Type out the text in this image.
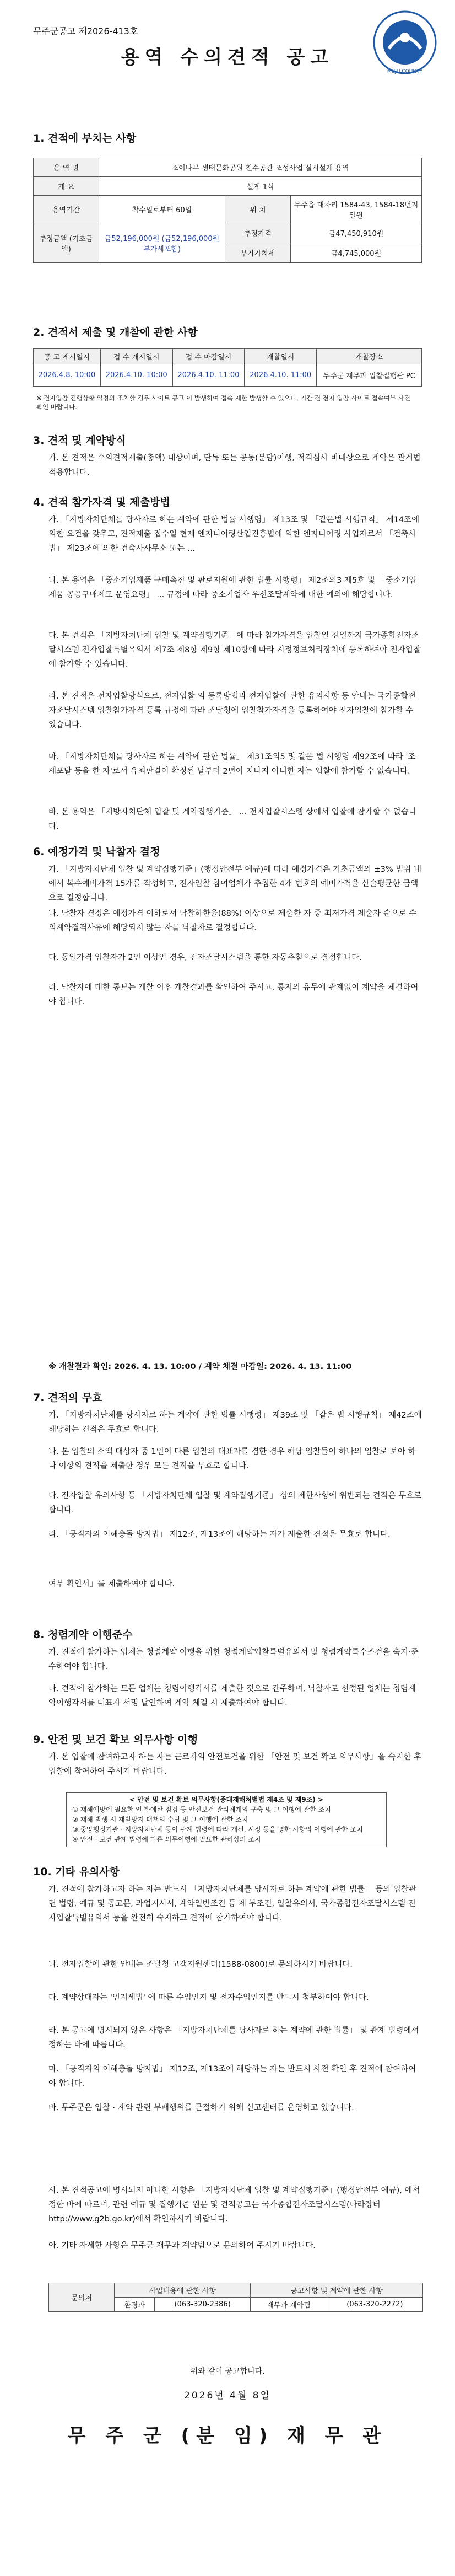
무주군공고 제2026-413호
MUJU COUNTY
용역 수의견적 공고
1. 견적에 부치는 사항
용 역 명	소이나무 생태문화공원 친수공간 조성사업 실시설계 용역		
개 요	설계 1식		
용역기간	착수일로부터 60일	위 치	무주읍 대차리 1584-43, 1584-18번지 일원
추정금액 (기초금액)	금52,196,000원 (금52,196,000원 부가세포함)	추정가격	금47,450,910원
		부가가치세	금4,745,000원
2. 견적서 제출 및 개찰에 관한 사항
공 고 게시일시	접 수 개시일시	접 수 마감일시	개찰일시	개찰장소
2026.4.8. 10:00	2026.4.10. 10:00	2026.4.10. 11:00	2026.4.10. 11:00	무주군 재무과 입찰집행관 PC
※ 전자입찰 진행상황 일정의 조치할 경우 사이트 공고 이 발생하여 접속 제한 발생할 수 있으니, 기간 전 전자 입찰 사이트 접속여부 사전 확인 바랍니다.
3. 견적 및 계약방식
가. 본 견적은 수의견적제출(총액) 대상이며, 단독 또는 공동(분담)이행, 적격심사 비대상으로 계약은 관계법 적용합니다.
4. 견적 참가자격 및 제출방법
가. 「지방자치단체를 당사자로 하는 계약에 관한 법률 시행령」 제13조 및 「같은법 시행규칙」 제14조에 의한 요건을 갖추고, 견적제출 접수일 현재 엔지니어링산업진흥법에 의한 엔지니어링 사업자로서 「건축사법」 제23조에 의한 건축사사무소 또는 ...
나. 본 용역은 「중소기업제품 구매촉진 및 판로지원에 관한 법률 시행령」 제2조의3 제5호 및 「중소기업제품 공공구매제도 운영요령」 ... 규정에 따라 중소기업자 우선조달계약에 대한 예외에 해당합니다.
다. 본 견적은 「지방자치단체 입찰 및 계약집행기준」에 따라 참가자격을 입찰일 전일까지 국가종합전자조달시스템 전자입찰특별유의서 제7조 제8항 제9항 제10항에 따라 지정정보처리장치에 등록하여야 전자입찰에 참가할 수 있습니다.
라. 본 견적은 전자입찰방식으로, 전자입찰 의 등록방법과 전자입찰에 관한 유의사항 등 안내는 국가종합전자조달시스템 입찰참가자격 등록 규정에 따라 조달청에 입찰참가자격을 등록하여야 전자입찰에 참가할 수 있습니다.
마. 「지방자치단체를 당사자로 하는 계약에 관한 법률」 제31조의5 및 같은 법 시행령 제92조에 따라 '조세포탈 등을 한 자'로서 유죄판결이 확정된 날부터 2년이 지나지 아니한 자는 입찰에 참가할 수 없습니다.
바. 본 용역은 「지방자치단체 입찰 및 계약집행기준」 ... 전자입찰시스템 상에서 입찰에 참가할 수 없습니다.
6. 예정가격 및 낙찰자 결정
가. 「지방자치단체 입찰 및 계약집행기준」(행정안전부 예규)에 따라 예정가격은 기초금액의 ±3% 범위 내에서 복수예비가격 15개를 작성하고, 전자입찰 참여업체가 추첨한 4개 번호의 예비가격을 산술평균한 금액으로 결정합니다.
나. 낙찰자 결정은 예정가격 이하로서 낙찰하한율(88%) 이상으로 제출한 자 중 최저가격 제출자 순으로 수의계약결격사유에 해당되지 않는 자를 낙찰자로 결정합니다.
다. 동일가격 입찰자가 2인 이상인 경우, 전자조달시스템을 통한 자동추첨으로 결정합니다.
라. 낙찰자에 대한 통보는 개찰 이후 개찰결과를 확인하여 주시고, 통지의 유무에 관계없이 계약을 체결하여야 합니다.
7. 견적의 무효
가. 「지방자치단체를 당사자로 하는 계약에 관한 법률 시행령」 제39조 및 「같은 법 시행규칙」 제42조에 해당하는 견적은 무효로 합니다.
나. 본 입찰의 소액 대상자 중 1인이 다른 입찰의 대표자를 겸한 경우 해당 입찰들이 하나의 입찰로 보아 하나 이상의 견적을 제출한 경우 모든 견적을 무효로 합니다.
다. 전자입찰 유의사항 등 「지방자치단체 입찰 및 계약집행기준」 상의 제한사항에 위반되는 견적은 무효로 합니다.
라. 「공직자의 이해충돌 방지법」 제12조, 제13조에 해당하는 자가 제출한 견적은 무효로 합니다.
여부 확인서」를 제출하여야 합니다.
※ 개찰결과 확인: 2026. 4. 13. 10:00 / 계약 체결 마감일: 2026. 4. 13. 11:00
8. 청렴계약 이행준수
가. 견적에 참가하는 업체는 청렴계약 이행을 위한 청렴계약입찰특별유의서 및 청렴계약특수조건을 숙지·준수하여야 합니다.
나. 견적에 참가하는 모든 업체는 청렴이행각서를 제출한 것으로 간주하며, 낙찰자로 선정된 업체는 청렴계약이행각서를 대표자 서명 날인하여 계약 체결 시 제출하여야 합니다.
9. 안전 및 보건 확보 의무사항 이행
가. 본 입찰에 참여하고자 하는 자는 근로자의 안전보건을 위한 「안전 및 보건 확보 의무사항」을 숙지한 후 입찰에 참여하여 주시기 바랍니다.
< 안전 및 보건 확보 의무사항(중대재해처벌법 제4조 및 제9조) >
① 재해예방에 필요한 인력·예산 점검 등 안전보건 관리체계의 구축 및 그 이행에 관한 조치
② 재해 발생 시 재발방지 대책의 수립 및 그 이행에 관한 조치
③ 중앙행정기관 · 지방자치단체 등이 관계 법령에 따라 개선, 시정 등을 명한 사항의 이행에 관한 조치
④ 안전 · 보건 관계 법령에 따른 의무이행에 필요한 관리상의 조치
10. 기타 유의사항
가. 견적에 참가하고자 하는 자는 반드시 「지방자치단체를 당사자로 하는 계약에 관한 법률」 등의 입찰관련 법령, 예규 및 공고문, 과업지시서, 계약일반조건 등 제 부조건, 입찰유의서, 국가종합전자조달시스템 전자입찰특별유의서 등을 완전히 숙지하고 견적에 참가하여야 합니다.
나. 전자입찰에 관한 안내는 조달청 고객지원센터(1588-0800)로 문의하시기 바랍니다.
다. 계약상대자는 '인지세법' 에 따른 수입인지 및 전자수입인지를 반드시 첨부하여야 합니다.
라. 본 공고에 명시되지 않은 사항은 「지방자치단체를 당사자로 하는 계약에 관한 법률」 및 관계 법령에서 정하는 바에 따릅니다.
마. 「공직자의 이해충돌 방지법」 제12조, 제13조에 해당하는 자는 반드시 사전 확인 후 견적에 참여하여야 합니다.
바. 무주군은 입찰 · 계약 관련 부패행위를 근절하기 위해 신고센터를 운영하고 있습니다.
사. 본 견적공고에 명시되지 아니한 사항은 「지방자치단체 입찰 및 계약집행기준」(행정안전부 예규), 에서 정한 바에 따르며, 관련 예규 및 집행기준 원문 및 견적공고는 국가종합전자조달시스템(나라장터 http://www.g2b.go.kr)에서 확인하시기 바랍니다.
아. 기타 자세한 사항은 무주군 재무과 계약팀으로 문의하여 주시기 바랍니다.
문의처	사업내용에 관한 사항		공고사항 및 계약에 관한 사항	
	환경과	(063-320-2386)	재무과 계약팀	(063-320-2272)
위와 같이 공고합니다.
2026년 4월 8일
무 주 군 (분 임) 재 무 관
